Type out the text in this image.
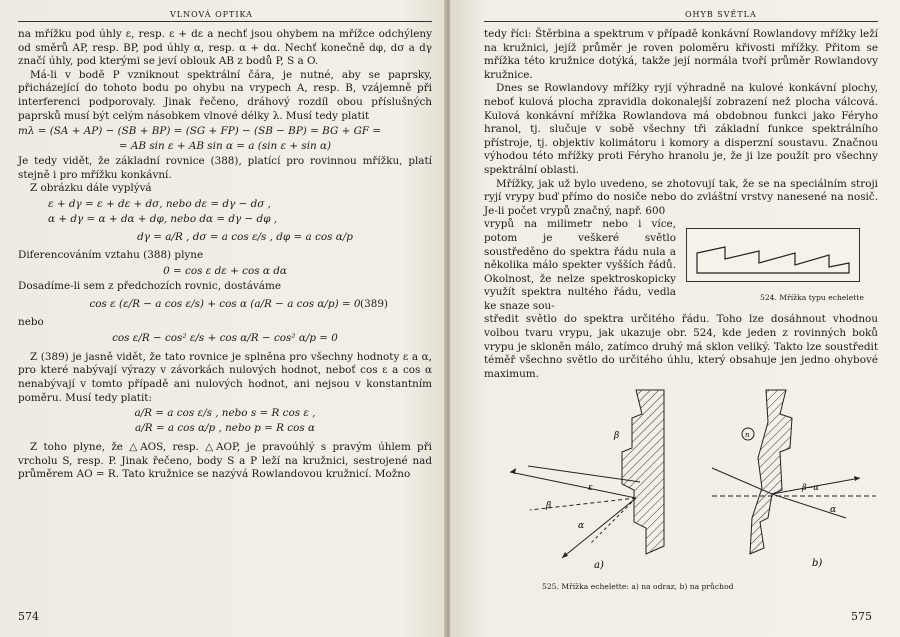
VLNOVÁ OPTIKA

na mřížku pod úhly ε, resp. ε + dε a nechť jsou ohybem na mřížce odchýleny od směrů AP, resp. BP, pod úhly α, resp. α + dα. Nechť konečně dφ, dσ a dγ značí úhly, pod kterými se jeví oblouk AB z bodů P, S a O.

Má-li v bodě P vzniknout spektrální čára, je nutné, aby se paprsky, přicházející do tohoto bodu po ohybu na vrypech A, resp. B, vzájemně při interferenci podporovaly. Jinak řečeno, dráhový rozdíl obou příslušných paprsků musí být celým násobkem vlnové délky λ. Musí tedy platit

mλ = (SA + AP) − (SB + BP) = (SG + FP) − (SB − BP) = BG + GF =
= AB sin ε + AB sin α = a (sin ε + sin α)

Je tedy vidět, že základní rovnice (388), platící pro rovinnou mřížku, platí stejně i pro mřížku konkávní.

Z obrázku dále vyplývá

ε + dγ = ε + dε + dσ, nebo dε = dγ − dσ ,
α + dγ = α + dα + dφ, nebo dα = dγ − dφ ,
dγ = a/R , dσ = a cos ε/s , dφ = a cos α/p

Diferencováním vztahu (388) plyne

0 = cos ε dε + cos α dα

Dosadíme-li sem z předchozích rovnic, dostáváme

cos ε (ε/R − a cos ε/s) + cos α (a/R − a cos α/p) = 0 (389)

nebo

cos ε/R − cos² ε/s + cos α/R − cos² α/p = 0

Z (389) je jasně vidět, že tato rovnice je splněna pro všechny hodnoty ε a α, pro které nabývají výrazy v závorkách nulových hodnot, neboť cos ε a cos α nenabývají v tomto případě ani nulových hodnot, ani nejsou v konstantním poměru. Musí tedy platit:

a/R = a cos ε/s , nebo s = R cos ε ,
a/R = a cos α/p , nebo p = R cos α

Z toho plyne, že △AOS, resp. △AOP, je pravoúhlý s pravým úhlem při vrcholu S, resp. P. Jinak řečeno, body S a P leží na kružnici, sestrojené nad průměrem AO = R. Tato kružnice se nazývá Rowlandovou kružnicí. Možno

574
OHYB SVĚTLA

tedy říci: Štěrbina a spektrum v případě konkávní Rowlandovy mřížky leží na kružnici, jejíž průměr je roven poloměru křivosti mřížky. Přitom se mřížka této kružnice dotýká, takže její normála tvoří průměr Rowlandovy kružnice.

Dnes se Rowlandovy mřížky ryjí výhradně na kulové konkávní plochy, neboť kulová plocha zpravidla dokonalejší zobrazení než plocha válcová. Kulová konkávní mřížka Rowlandova má obdobnou funkci jako Féryho hranol, tj. slučuje v sobě všechny tři základní funkce spektrálního přístroje, tj. objektiv kolimátoru i komory a disperzní soustavu. Značnou výhodou této mřížky proti Féryho hranolu je, že ji lze použít pro všechny spektrální oblasti.

Mřížky, jak už bylo uvedeno, se zhotovují tak, že se na speciálním stroji ryjí vrypy buď přímo do nosiče nebo do zvláštní vrstvy nanesené na nosič. Je-li počet vrypů značný, např. 600

vrypů na milimetr nebo i více, potom je veškeré světlo soustředěno do spektra řádu nula a několika málo spekter vyšších řádů. Okolnost, že nelze spektroskopicky využít spektra nultého řádu, vedla ke snaze sou-

středit světlo do spektra určitého řádu. Toho lze dosáhnout vhodnou volbou tvaru vrypu, jak ukazuje obr. 524, kde jeden z rovinných boků vrypu je skloněn málo, zatímco druhý má sklon veliký. Takto lze soustředit téměř všechno světlo do určitého úhlu, který obsahuje jen jedno ohybové maximum.

524. Mřížka typu echelette
β
ε
α
β
a)
n
β−α
α
b)
525. Mřížka echelette: a) na odraz, b) na průchod
575
